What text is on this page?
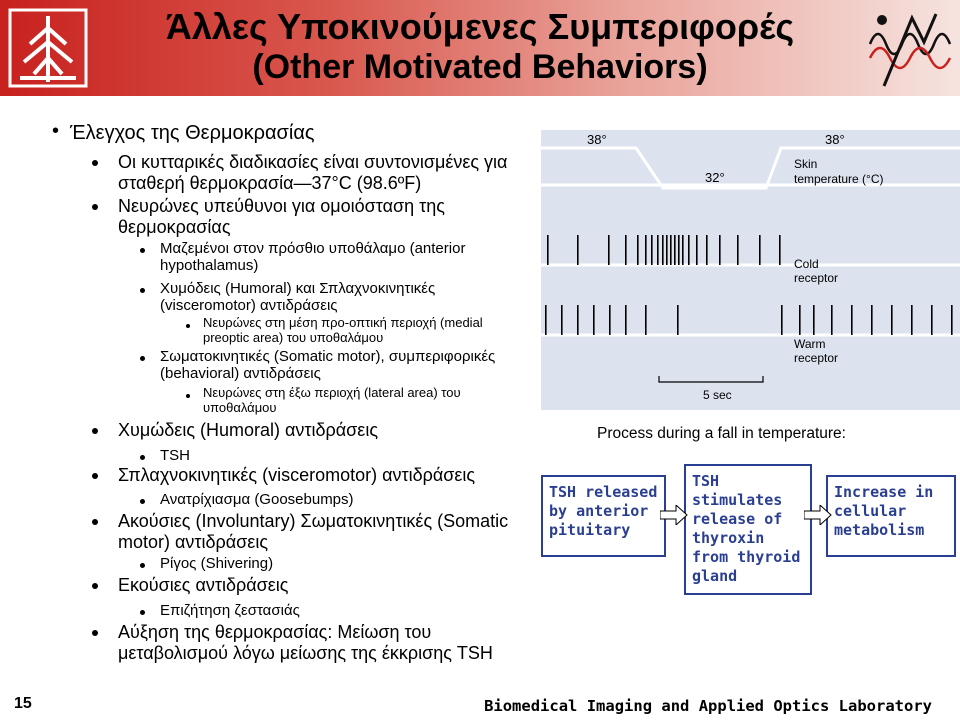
Άλλες Υποκινούμενες Συμπεριφορές
(Other Motivated Behaviors)
• Έλεγχος της Θερμοκρασίας
Οι κυτταρικές διαδικασίες είναι συντονισμένες για σταθερή θερμοκρασία—37°C (98.6ºF)
Νευρώνες υπεύθυνοι για ομοιόσταση της θερμοκρασίας
Μαζεμένοι στον πρόσθιο υποθάλαμο (anterior hypothalamus)
Χυμόδεις (Humoral) και Σπλαχνοκινητικές (visceromotor) αντιδράσεις
Νευρώνες στη μέση προ-οπτική περιοχή (medial preoptic area) του υποθαλάμου
Σωματοκινητικές (Somatic motor), συμπεριφορικές (behavioral) αντιδράσεις
Νευρώνες στη έξω περιοχή (lateral area) του υποθαλάμου
Χυμώδεις (Humoral) αντιδράσεις
TSH
Σπλαχνοκινητικές (visceromotor) αντιδράσεις
Ανατρίχιασμα (Goosebumps)
Ακούσιες (Involuntary) Σωματοκινητικές (Somatic motor) αντιδράσεις
Ρίγος (Shivering)
Εκούσιες αντιδράσεις
Επιζήτηση ζεστασιάς
Αύξηση της θερμοκρασίας: Μείωση του μεταβολισμού λόγω μείωσης της έκκρισης TSH
38°	38°
32°
Skin
temperature (°C)
Cold
receptor
Warm
receptor
5 sec
Process during a fall in temperature:
TSH released by anterior pituitary
TSH stimulates release of thyroxin from thyroid gland
Increase in cellular metabolism
15	Biomedical Imaging and Applied Optics Laboratory
